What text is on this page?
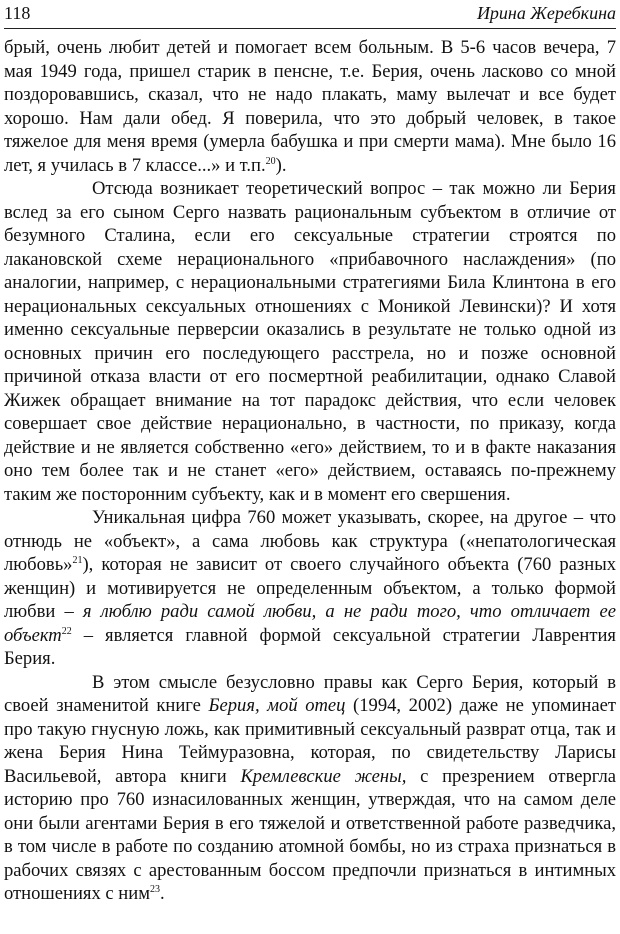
118	Ирина Жеребкина

брый, очень любит детей и помогает всем больным. В 5-6 часов вечера, 7 мая 1949 года, пришел старик в пенсне, т.е. Берия, очень ласково со мной поздоровавшись, сказал, что не надо плакать, маму вылечат и все будет хорошо. Нам дали обед. Я поверила, что это добрый человек, в такое тяжелое для меня время (умерла бабушка и при смерти мама). Мне было 16 лет, я училась в 7 классе...» и т.п.$^{20}$).

Отсюда возникает теоретический вопрос – так можно ли Берия вслед за его сыном Серго назвать рациональным субъектом в отличие от безумного Сталина, если его сексуальные стратегии строятся по лакановской схеме нерационального «прибавочного наслаждения» (по аналогии, например, с нерациональными стратегиями Била Клинтона в его нерациональных сексуальных отношениях с Моникой Левински)? И хотя именно сексуальные перверсии оказались в результате не только одной из основных причин его последующего расстрела, но и позже основной причиной отказа власти от его посмертной реабилитации, однако Славой Жижек обращает внимание на тот парадокс действия, что если человек совершает свое действие нерационально, в частности, по приказу, когда действие и не является собственно «его» действием, то и в факте наказания оно тем более так и не станет «его» действием, оставаясь по-прежнему таким же посторонним субъекту, как и в момент его свершения.

Уникальная цифра 760 может указывать, скорее, на другое – что отнюдь не «объект», а сама любовь как структура («непатологическая любовь»$^{21}$), которая не зависит от своего случайного объекта (760 разных женщин) и мотивируется не определенным объектом, а только формой любви – я люблю ради самой любви, а не ради того, что отличает ее объект$^{22}$ – является главной формой сексуальной стратегии Лаврентия Берия.

В этом смысле безусловно правы как Серго Берия, который в своей знаменитой книге Берия, мой отец (1994, 2002) даже не упоминает про такую гнусную ложь, как примитивный сексуальный разврат отца, так и жена Берия Нина Теймуразовна, которая, по свидетельству Ларисы Васильевой, автора книги Кремлевские жены, с презрением отвергла историю про 760 изнасилованных женщин, утверждая, что на самом деле они были агентами Берия в его тяжелой и ответственной работе разведчика, в том числе в работе по созданию атомной бомбы, но из страха признаться в рабочих связях с арестованным боссом предпочли признаться в интимных отношениях с ним$^{23}$.
